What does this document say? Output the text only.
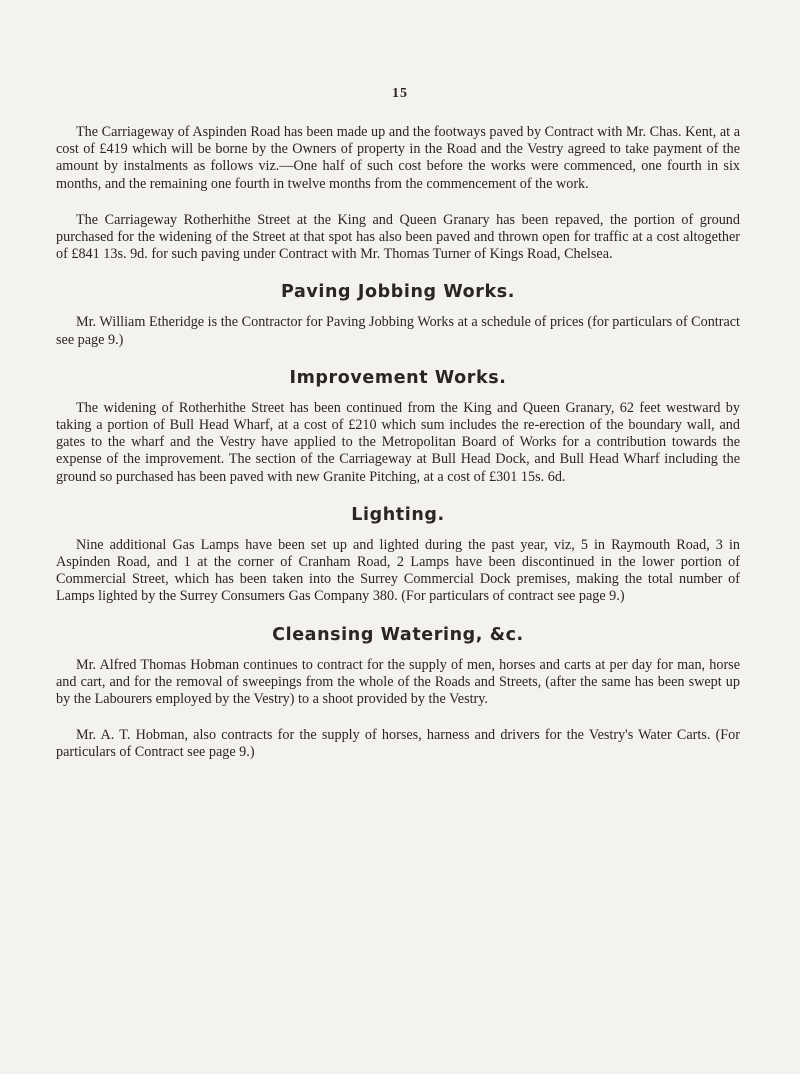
15

The Carriageway of Aspinden Road has been made up and the footways paved by Contract with Mr. Chas. Kent, at a cost of £419 which will be borne by the Owners of property in the Road and the Vestry agreed to take payment of the amount by instalments as follows viz.—One half of such cost before the works were commenced, one fourth in six months, and the remaining one fourth in twelve months from the commencement of the work.

The Carriageway Rotherhithe Street at the King and Queen Granary has been repaved, the portion of ground purchased for the widening of the Street at that spot has also been paved and thrown open for traffic at a cost altogether of £841 13s. 9d. for such paving under Contract with Mr. Thomas Turner of Kings Road, Chelsea.

Paving Jobbing Works.

Mr. William Etheridge is the Contractor for Paving Jobbing Works at a schedule of prices (for particulars of Contract see page 9.)

Improvement Works.

The widening of Rotherhithe Street has been continued from the King and Queen Granary, 62 feet westward by taking a portion of Bull Head Wharf, at a cost of £210 which sum includes the re-erection of the boundary wall, and gates to the wharf and the Vestry have applied to the Metropolitan Board of Works for a contribution towards the expense of the improvement. The section of the Carriageway at Bull Head Dock, and Bull Head Wharf including the ground so purchased has been paved with new Granite Pitching, at a cost of £301 15s. 6d.

Lighting.

Nine additional Gas Lamps have been set up and lighted during the past year, viz, 5 in Raymouth Road, 3 in Aspinden Road, and 1 at the corner of Cranham Road, 2 Lamps have been discontinued in the lower portion of Commercial Street, which has been taken into the Surrey Commercial Dock premises, making the total number of Lamps lighted by the Surrey Consumers Gas Company 380. (For particulars of contract see page 9.)

Cleansing Watering, &c.

Mr. Alfred Thomas Hobman continues to contract for the supply of men, horses and carts at per day for man, horse and cart, and for the removal of sweepings from the whole of the Roads and Streets, (after the same has been swept up by the Labourers employed by the Vestry) to a shoot provided by the Vestry.

Mr. A. T. Hobman, also contracts for the supply of horses, harness and drivers for the Vestry's Water Carts. (For particulars of Contract see page 9.)
